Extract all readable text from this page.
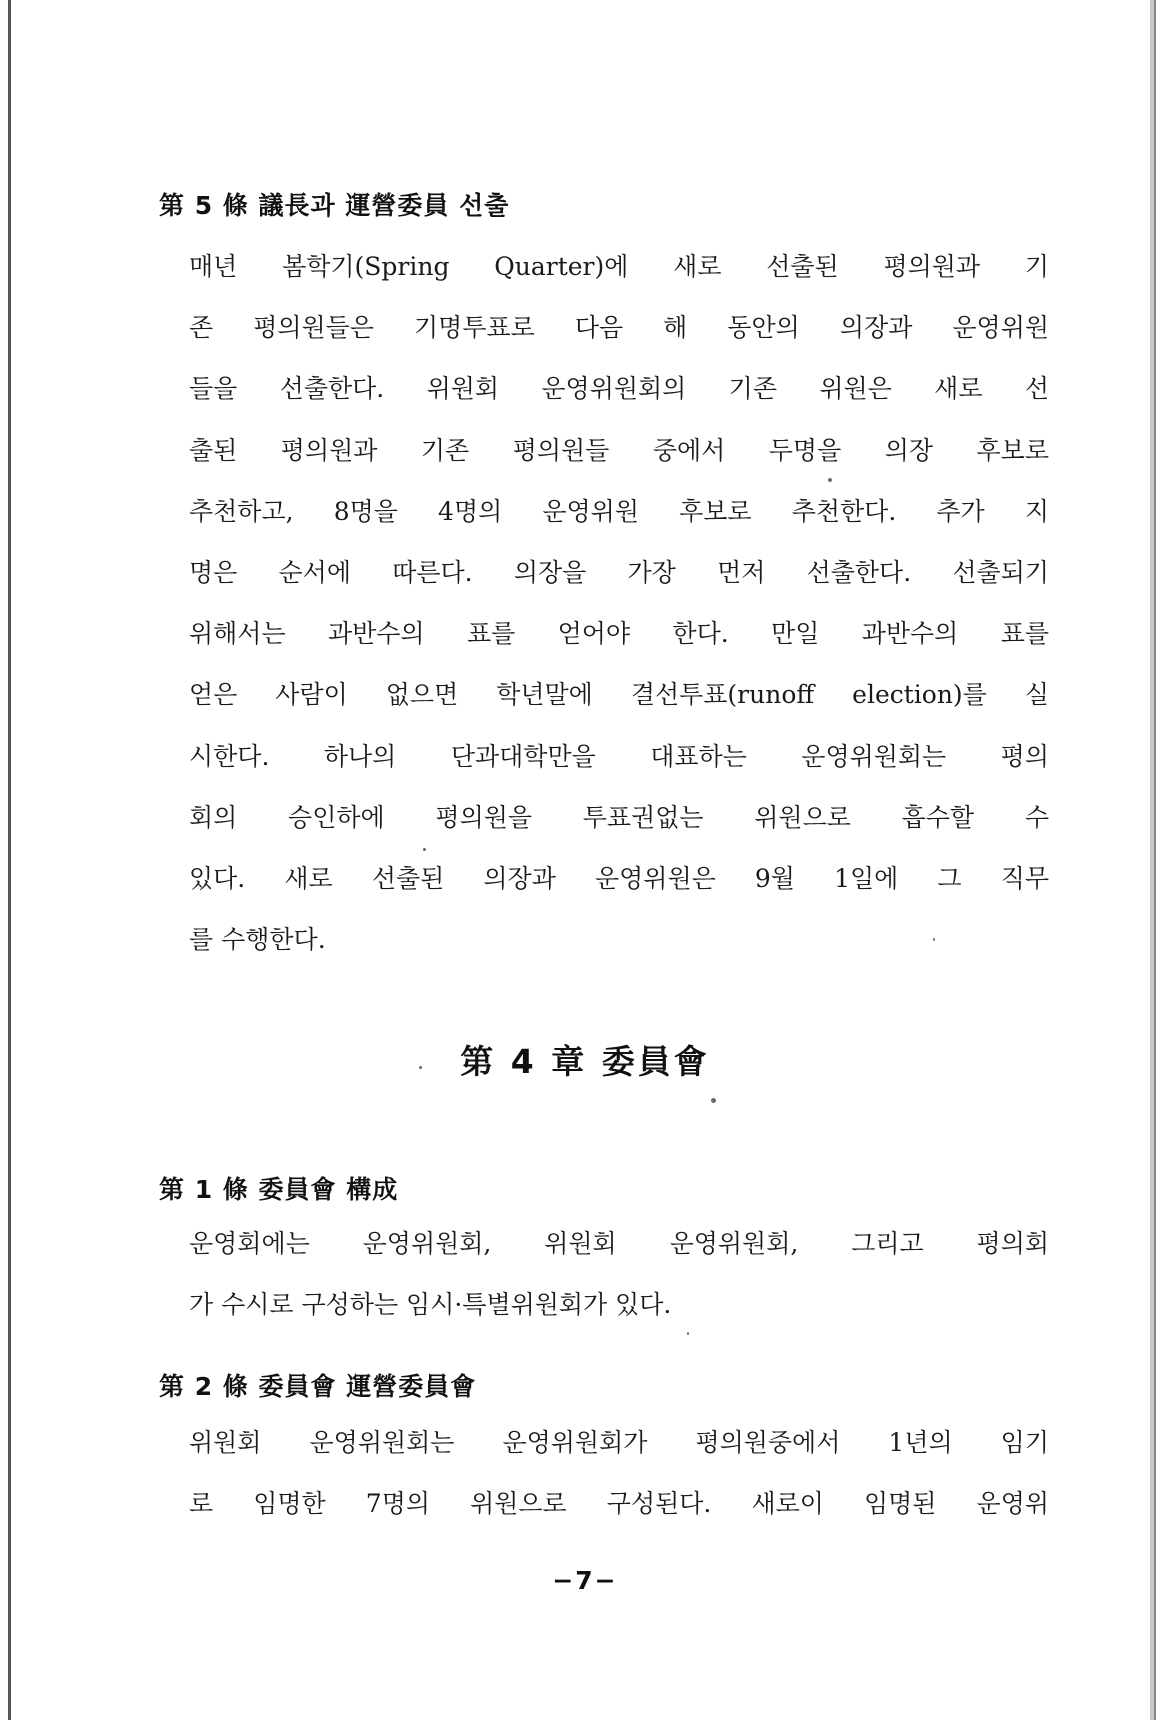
第 5 條 議長과 運營委員 선출
매년 봄학기(Spring Quarter)에 새로 선출된 평의원과 기
존 평의원들은 기명투표로 다음 해 동안의 의장과 운영위원
들을 선출한다. 위원회 운영위원회의 기존 위원은 새로 선
출된 평의원과 기존 평의원들 중에서 두명을 의장 후보로
추천하고, 8명을 4명의 운영위원 후보로 추천한다. 추가 지
명은 순서에 따른다. 의장을 가장 먼저 선출한다. 선출되기
위해서는 과반수의 표를 얻어야 한다. 만일 과반수의 표를
얻은 사람이 없으면 학년말에 결선투표(runoff election)를 실
시한다. 하나의 단과대학만을 대표하는 운영위원회는 평의
회의 승인하에 평의원을 투표권없는 위원으로 흡수할 수
있다. 새로 선출된 의장과 운영위원은 9월 1일에 그 직무
를 수행한다.
第 4 章 委員會
第 1 條 委員會 構成
운영회에는 운영위원회, 위원회 운영위원회, 그리고 평의회
가 수시로 구성하는 임시·특별위원회가 있다.
第 2 條 委員會 運營委員會
위원회 운영위원회는 운영위원회가 평의원중에서 1년의 임기
로 임명한 7명의 위원으로 구성된다. 새로이 임명된 운영위
−7−
